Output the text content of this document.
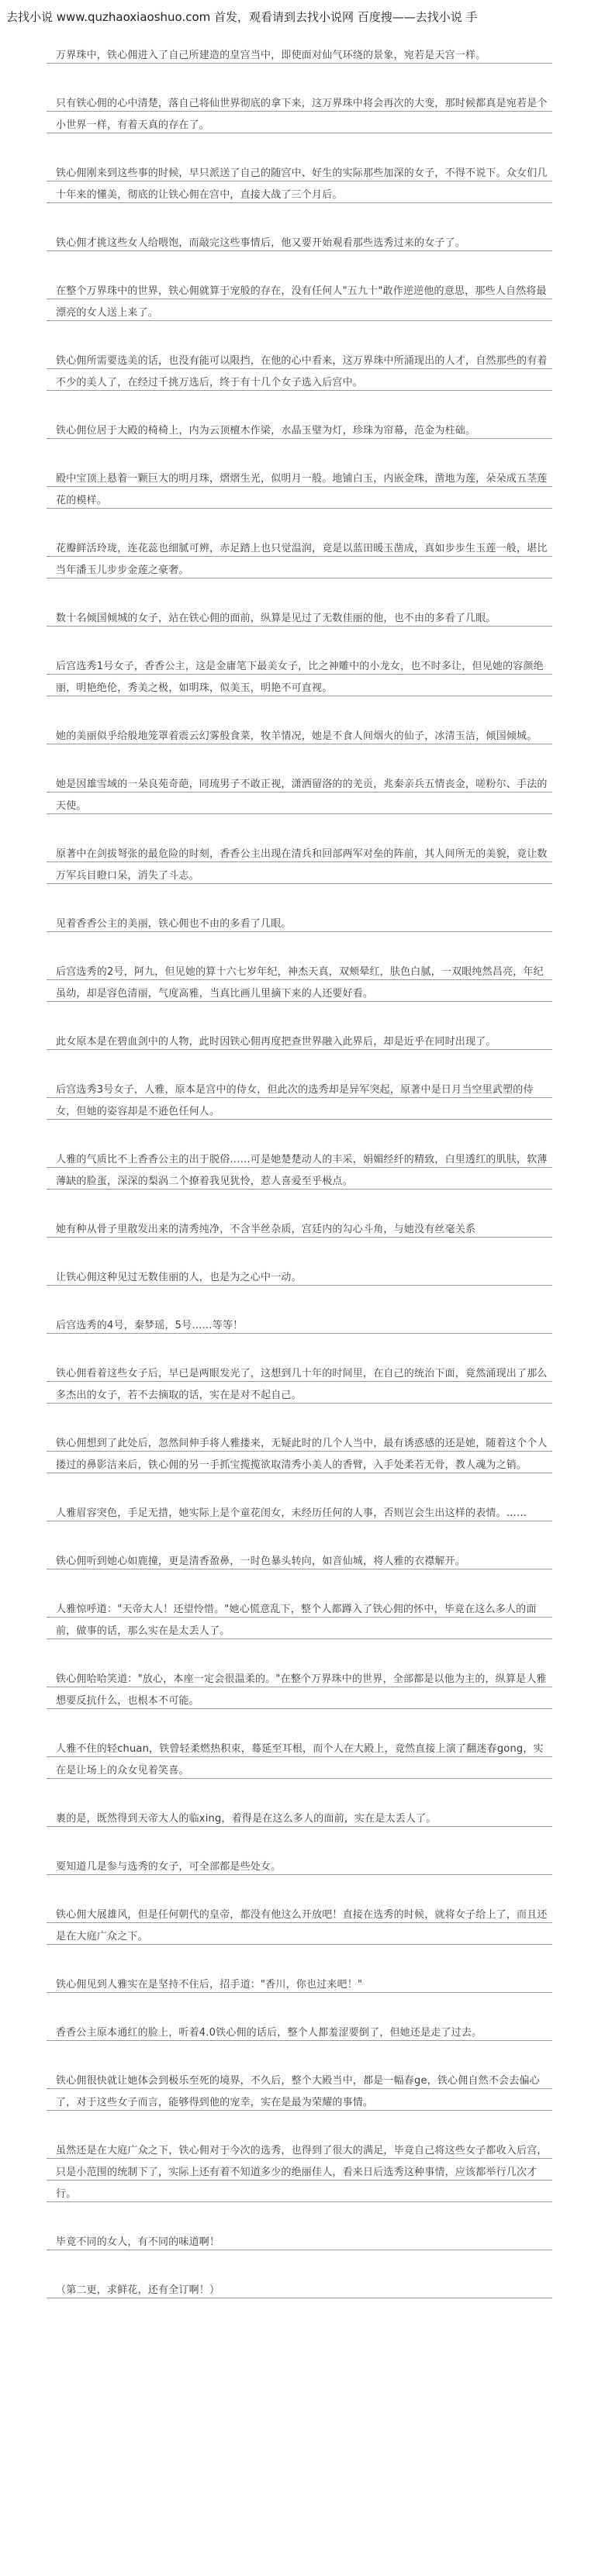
去找小说 www.quzhaoxiaoshuo.com 首发，观看请到去找小说网 百度搜——去找小说 手

万界珠中，铁心佣进入了自己所建造的皇宫当中，即使面对仙气环绕的景象，宛若是天宫一样。

只有铁心佣的心中清楚，落自己将仙世界彻底的拿下来，这万界珠中将会再次的大变，那时候都真是宛若是个小世界一样，有着天真的存在了。

铁心佣刚来到这些事的时候，早只派送了自己的随宫中、好生的实际那些加深的女子，不得不说下。众女们几十年来的懂美，彻底的让铁心佣在宫中，直接大战了三个月后。

铁心佣才挑这些女人给喂饱，而敲完这些事情后，他又要开始观看那些选秀过来的女子了。

在整个万界珠中的世界，铁心佣就算于宠般的存在，没有任何人"五九十"敢作逆逆他的意思，那些人自然将最漂亮的女人送上来了。

铁心佣所需要选美的话，也没有能可以限挡，在他的心中看来，这万界珠中所涌现出的人才，自然那些的有着不少的美人了，在经过千挑万选后，终于有十几个女子选入后宫中。

铁心佣位居于大殿的椅椅上，内为云顶檀木作梁，水晶玉璧为灯，珍珠为帘幕，范金为柱础。

殿中宝顶上悬着一颗巨大的明月珠，熠熠生光，似明月一般。地铺白玉，内嵌金珠，凿地为莲，朵朵成五茎莲花的模样。

花瓣鲜活玲珑，连花蕊也细腻可辨，赤足踏上也只觉温润，竟是以蓝田暖玉凿成，真如步步生玉莲一般，堪比当年潘玉儿步步金莲之豪奢。

数十名倾国倾城的女子，站在铁心佣的面前，纵算是见过了无数佳丽的他，也不由的多看了几眼。

后宫选秀1号女子，香香公主，这是金庸笔下最美女子，比之神雕中的小龙女，也不时多让，但见她的容颜绝丽，明艳绝伦，秀美之极，如明珠，似美玉，明艳不可直视。

她的美丽似乎给般地笼罩着震云幻雾般食菜，牧羊情况，她是不食人间烟火的仙子，冰清玉洁，倾国倾城。

她是因雄雪域的一朵良苑奇葩，同琉男子不敢正视，潇洒留洛的的羌贡，兆秦亲兵五情丧金，嗟粉尔、手法的天使。

原著中在剑拔弩张的最危险的时刻，香香公主出现在清兵和回部两军对垒的阵前，其人间所无的美貌，竟让数万军兵目瞪口呆，消失了斗志。

见着香香公主的美丽，铁心佣也不由的多看了几眼。

后宫选秀的2号，阿九，但见她的算十六七岁年纪，神杰天真，双颊晕红，肤色白腻，一双眼纯然昌亮，年纪虽幼，却是容色清丽，气度高雅，当真比画儿里摘下来的人还要好看。

此女原本是在碧血剑中的人物，此时因铁心佣再度把查世界融入此界后，却是近乎在同时出现了。

后宫选秀3号女子，人雅，原本是宫中的侍女，但此次的选秀却是异军突起，原著中是日月当空里武塑的侍女，但她的姿容却是不逊色任何人。

人雅的气质比不上香香公主的出于脱俗……可是她楚楚动人的丰采，娟媚经纤的精致，白里透红的肌肤，软薄薄缺的脸蛋，深深的梨涡二个撩着我见犹怜，惹人喜爱至乎极点。

她有种从骨子里散发出来的清秀纯净，不含半丝杂质，宫廷内的勾心斗角，与她没有丝毫关系

让铁心佣这种见过无数佳丽的人，也是为之心中一动。

后宫选秀的4号，秦梦瑶，5号……等等！

铁心佣看着这些女子后，早已是两眼发光了，这想到几十年的时间里，在自己的统治下面，竟然涌现出了那么多杰出的女子，若不去摘取的话，实在是对不起自己。

铁心佣想到了此处后，忽然间伸手将人雅搂来，无疑此时的几个人当中，最有诱惑感的还是她，随着这个个人搂过的鼻影洁来后，铁心佣的另一手抓宝揽揽欲取清秀小美人的香臂，入手处柔若无骨，教人魂为之销。

人雅眉容突色，手足无措，她实际上是个童花闺女，未经历任何的人事，否则岂会生出这样的表情。……

铁心佣听到她心如鹿撞，更是清香盈鼻，一时色暴头转向，如音仙城，将人雅的衣襟解开。

人雅惊呼道："天帝大人！还望怜惜。"她心慌意乱下，整个人都蹲入了铁心佣的怀中，毕竟在这么多人的面前，做事的话，那么实在是太丢人了。

铁心佣哈哈笑道："放心，本座一定会很温柔的。"在整个万界珠中的世界，全部都是以他为主的，纵算是人雅想要反抗什么，也根本不可能。

人雅不住的轻chuan，铁曾轻柔燃热积束，蓦延至耳根，而个人在大殿上，竟然直接上演了翻迷春gong，实在是让场上的众女见着笑喜。

裹的是，既然得到天帝大人的临xing，着得是在这么多人的面前，实在是太丢人了。

要知道几是参与选秀的女子，可全部都是些处女。

铁心佣大展雄风，但是任何朝代的皇帝，都没有他这么开放吧！直接在选秀的时候，就将女子给上了，而且还是在大庭广众之下。

铁心佣见到人雅实在是坚持不住后，招手道："香川，你也过来吧！"

香香公主原本通红的脸上，听着4.0铁心佣的话后，整个人都羞涩要倒了，但她还是走了过去。

铁心佣很快就让她体会到极乐至死的境界，不久后，整个大殿当中，都是一幅春ge，铁心佣自然不会去偏心了，对于这些女子而言，能够得到他的宠幸，实在是最为荣耀的事情。

虽然还是在大庭广众之下，铁心佣对于今次的选秀，也得到了很大的满足，毕竟自己将这些女子都收入后宫，只是小范围的统制下了，实际上还有着不知道多少的绝丽佳人，看来日后选秀这种事情，应该都举行几次才行。

毕竟不同的女人，有不同的味道啊！

（第二更，求鲜花，还有全订啊！）
